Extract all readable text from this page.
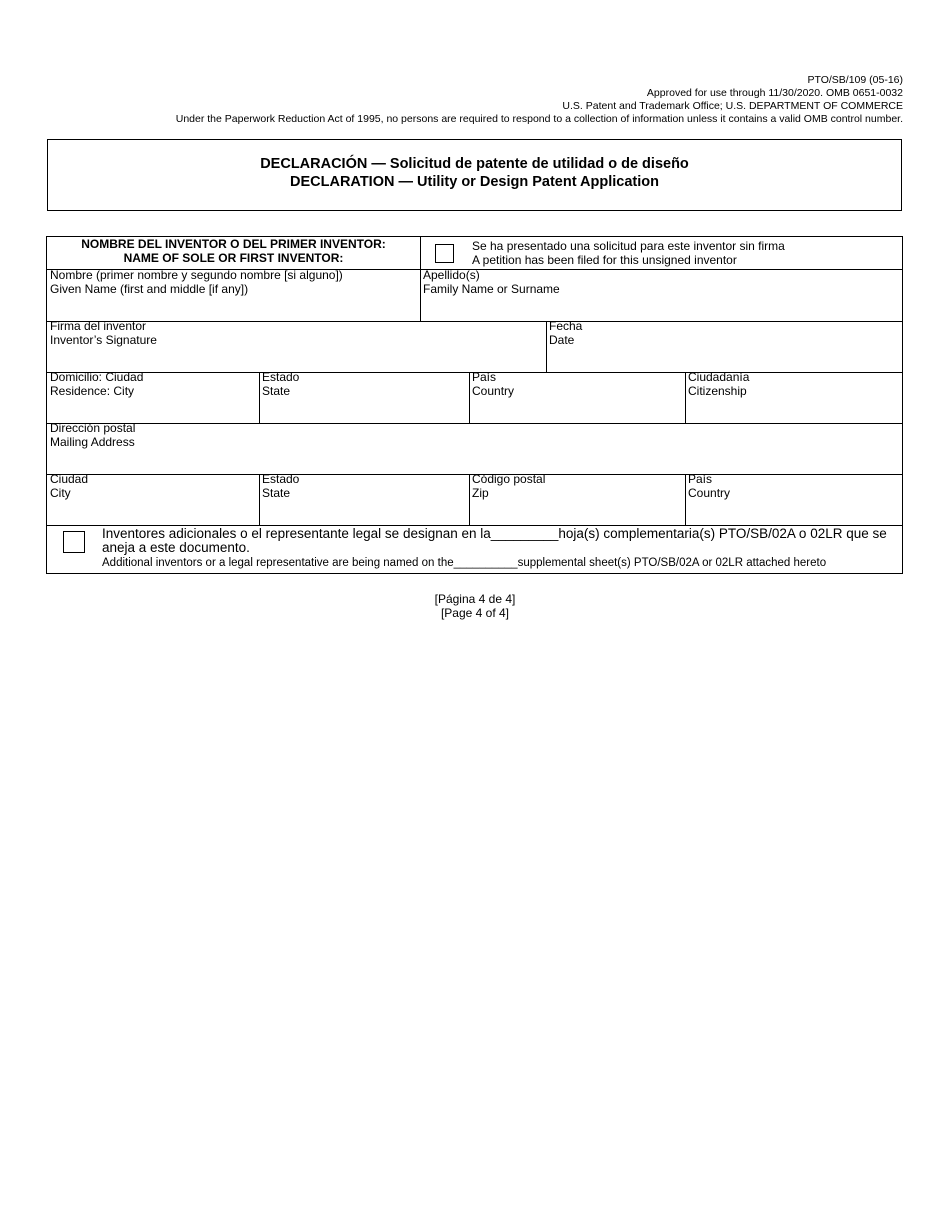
PTO/SB/109 (05-16)
Approved for use through 11/30/2020. OMB 0651-0032
U.S. Patent and Trademark Office; U.S. DEPARTMENT OF COMMERCE
Under the Paperwork Reduction Act of 1995, no persons are required to respond to a collection of information unless it contains a valid OMB control number.
DECLARACIÓN — Solicitud de patente de utilidad o de diseño
DECLARATION — Utility or Design Patent Application
NOMBRE DEL INVENTOR O DEL PRIMER INVENTOR:
NAME OF SOLE OR FIRST INVENTOR:
Se ha presentado una solicitud para este inventor sin firma
A petition has been filed for this unsigned inventor
Nombre (primer nombre y segundo nombre [si alguno])
Given Name (first and middle [if any])
Apellido(s)
Family Name or Surname
Firma del inventor
Inventor’s Signature
Fecha
Date
Domicilio: Ciudad
Residence: City
Estado
State
País
Country
Ciudadanía
Citizenship
Dirección postal
Mailing Address
Ciudad
City
Estado
State
Código postal
Zip
País
Country
Inventores adicionales o el representante legal se designan en la_________hoja(s) complementaria(s) PTO/SB/02A o 02LR que se
aneja a este documento.
Additional inventors or a legal representative are being named on the__________supplemental sheet(s) PTO/SB/02A or 02LR attached hereto
[Página 4 de 4]
[Page 4 of 4]
